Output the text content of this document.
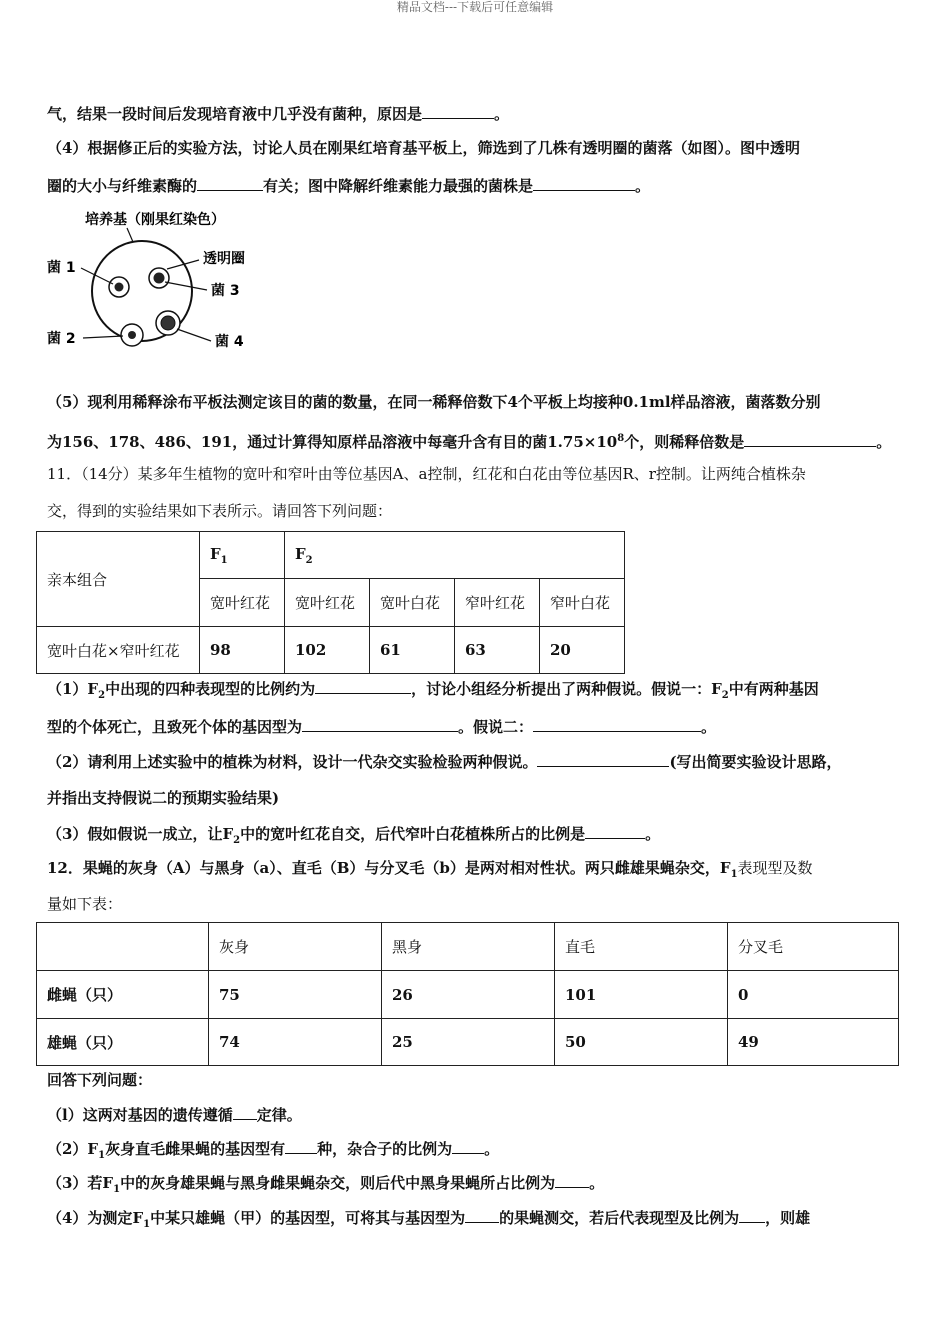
精品文档---下载后可任意编辑
气，结果一段时间后发现培育液中几乎没有菌种，原因是	。
（4）根据修正后的实验方法，讨论人员在刚果红培育基平板上，筛选到了几株有透明圈的菌落（如图）。图中透明
圈的大小与纤维素酶的	有关；图中降解纤维素能力最强的菌株是	。
培养基（刚果红染色）
菌 1
透明圈
菌 3
菌 2	菌 4
（5）现利用稀释涂布平板法测定该目的菌的数量，在同一稀释倍数下4个平板上均接种0.1ml样品溶液，菌落数分别
为156、178、486、191，通过计算得知原样品溶液中每毫升含有目的菌$1.75\times 10^8$个，则稀释倍数是	。
11．（14分）某多年生植物的宽叶和窄叶由等位基因A、a控制，红花和白花由等位基因R、r控制。让两纯合植株杂
交，得到的实验结果如下表所示。请回答下列问题：
亲本组合	$F_1$	$F_2$
	宽叶红花	宽叶红花	宽叶白花	窄叶红花	窄叶白花
宽叶白花×窄叶红花	98	102	61	63	20
$(1)F_2$中出现的四种表现型的比例约为	，讨论小组经分析提出了两种假说。假说一：$F_2$中有两种基因
型的个体死亡，且致死个体的基因型为	。假说二：	。
（2）请利用上述实验中的植株为材料，设计一代杂交实验检验两种假说。	(写出简要实验设计思路，
并指出支持假说二的预期实验结果)
（3）假如假说一成立，让$F_2$中的宽叶红花自交，后代窄叶白花植株所占的比例是	。
12．果蝇的灰身（A）与黑身（a）、直毛（B）与分叉毛（b）是两对相对性状。两只雌雄果蝇杂交，$F_1$表现型及数
量如下表：
	灰身	黑身	直毛	分叉毛
雌蝇（只）	75	26	101	0
雄蝇（只）	74	25	50	49
回答下列问题：
（l）这两对基因的遗传遵循 定律。
$(2)F_1$灰身直毛雌果蝇的基因型有 种，杂合子的比例为 。
（3）若$F_1$中的灰身雄果蝇与黑身雌果蝇杂交，则后代中黑身果蝇所占比例为 。
（4）为测定$F_1$中某只雄蝇（甲）的基因型，可将其与基因型为 的果蝇测交，若后代表现型及比例为 ，则雄
